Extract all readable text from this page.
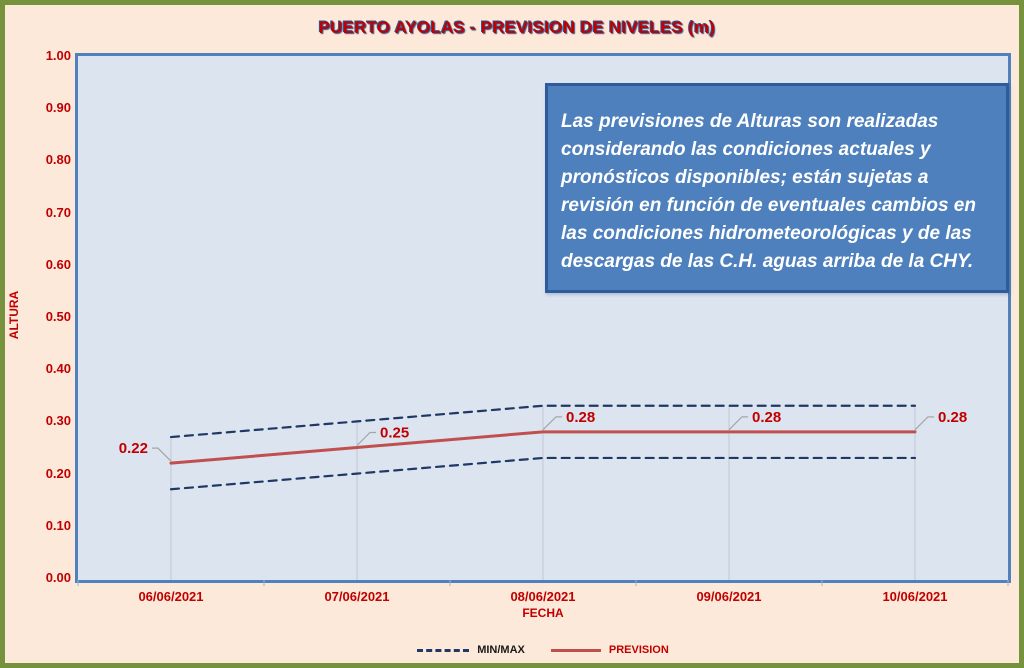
PUERTO AYOLAS - PREVISION DE NIVELES (m)
0.22
0.25
0.28	0.28	0.28

Las previsiones de Alturas son realizadas considerando las condiciones actuales y pronósticos disponibles; están sujetas a revisión en función de eventuales cambios en las condiciones hidrometeorológicas y de las descargas de las C.H. aguas arriba de la CHY.

1.00
0.90
0.80
0.70
0.60
0.50
0.40
0.30
0.20
0.10
0.00
06/06/2021	07/06/2021	08/06/2021	09/06/2021	10/06/2021
ALTURA
FECHA
MIN/MAX	PREVISION
